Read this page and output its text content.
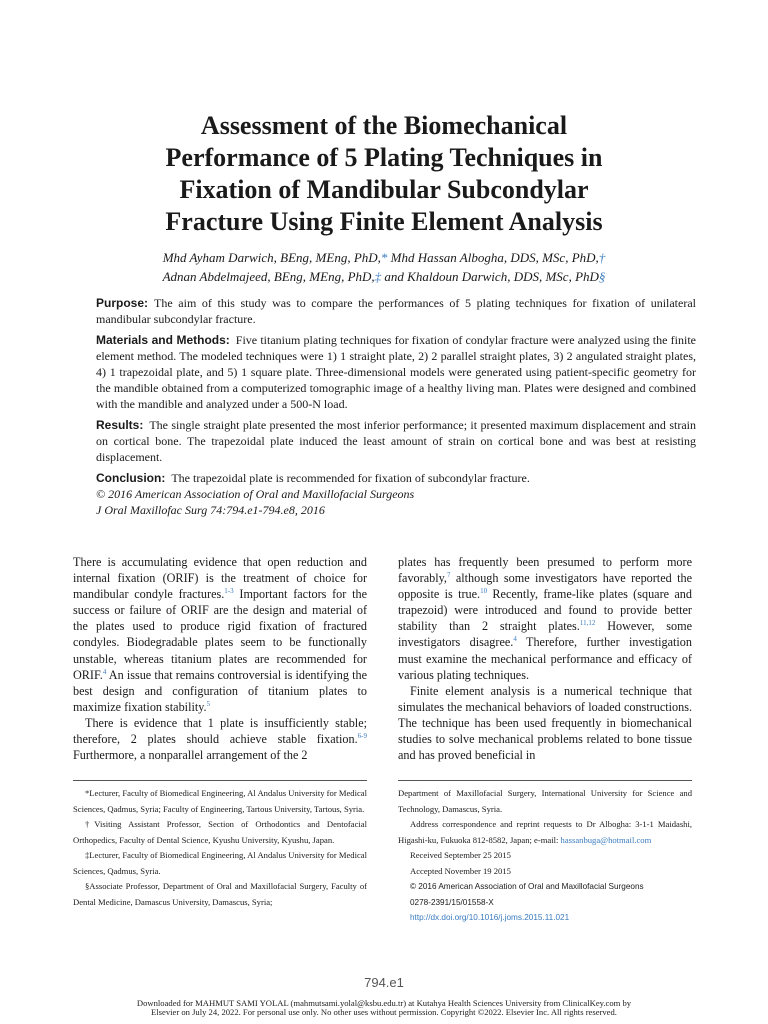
Assessment of the Biomechanical
Performance of 5 Plating Techniques in
Fixation of Mandibular Subcondylar
Fracture Using Finite Element Analysis
Mhd Ayham Darwich, BEng, MEng, PhD,* Mhd Hassan Albogha, DDS, MSc, PhD,†
Adnan Abdelmajeed, BEng, MEng, PhD,‡ and Khaldoun Darwich, DDS, MSc, PhD§

Purpose: The aim of this study was to compare the performances of 5 plating techniques for fixation of unilateral mandibular subcondylar fracture.

Materials and Methods: Five titanium plating techniques for fixation of condylar fracture were analyzed using the finite element method. The modeled techniques were 1) 1 straight plate, 2) 2 parallel straight plates, 3) 2 angulated straight plates, 4) 1 trapezoidal plate, and 5) 1 square plate. Three-dimensional models were generated using patient-specific geometry for the mandible obtained from a computerized tomographic image of a healthy living man. Plates were designed and combined with the mandible and analyzed under a 500-N load.

Results: The single straight plate presented the most inferior performance; it presented maximum displacement and strain on cortical bone. The trapezoidal plate induced the least amount of strain on cortical bone and was best at resisting displacement.

Conclusion: The trapezoidal plate is recommended for fixation of subcondylar fracture.
© 2016 American Association of Oral and Maxillofacial Surgeons
J Oral Maxillofac Surg 74:794.e1-794.e8, 2016

There is accumulating evidence that open reduction and internal fixation (ORIF) is the treatment of choice for mandibular condyle fractures.$^{1-3}$ Important factors for the success or failure of ORIF are the design and material of the plates used to produce rigid fixation of fractured condyles. Biodegradable plates seem to be functionally unstable, whereas titanium plates are recommended for ORIF.$^4$ An issue that remains controversial is identifying the best design and configuration of titanium plates to maximize fixation stability.$^5$

There is evidence that 1 plate is insufficiently stable; therefore, 2 plates should achieve stable fixation.$^{6-9}$ Furthermore, a nonparallel arrangement of the 2

plates has frequently been presumed to perform more favorably,$^7$ although some investigators have reported the opposite is true.$^{10}$ Recently, frame-like plates (square and trapezoid) were introduced and found to provide better stability than 2 straight plates.$^{11,12}$ However, some investigators disagree.$^4$ Therefore, further investigation must examine the mechanical performance and efficacy of various plating techniques.

Finite element analysis is a numerical technique that simulates the mechanical behaviors of loaded constructions. The technique has been used frequently in biomechanical studies to solve mechanical problems related to bone tissue and has proved beneficial in

*Lecturer, Faculty of Biomedical Engineering, Al Andalus University for Medical Sciences, Qadmus, Syria; Faculty of Engineering, Tartous University, Tartous, Syria.

†Visiting Assistant Professor, Section of Orthodontics and Dentofacial Orthopedics, Faculty of Dental Science, Kyushu University, Kyushu, Japan.

‡Lecturer, Faculty of Biomedical Engineering, Al Andalus University for Medical Sciences, Qadmus, Syria.

§Associate Professor, Department of Oral and Maxillofacial Surgery, Faculty of Dental Medicine, Damascus University, Damascus, Syria;

Department of Maxillofacial Surgery, International University for Science and Technology, Damascus, Syria.

Address correspondence and reprint requests to Dr Albogha: 3-1-1 Maidashi, Higashi-ku, Fukuoka 812-8582, Japan; e-mail: hassanbuga@hotmail.com

Received September 25 2015

Accepted November 19 2015

© 2016 American Association of Oral and Maxillofacial Surgeons

0278-2391/15/01558-X

http://dx.doi.org/10.1016/j.joms.2015.11.021

794.e1
Downloaded for MAHMUT SAMI YOLAL (mahmutsami.yolal@ksbu.edu.tr) at Kutahya Health Sciences University from ClinicalKey.com by
Elsevier on July 24, 2022. For personal use only. No other uses without permission. Copyright ©2022. Elsevier Inc. All rights reserved.
